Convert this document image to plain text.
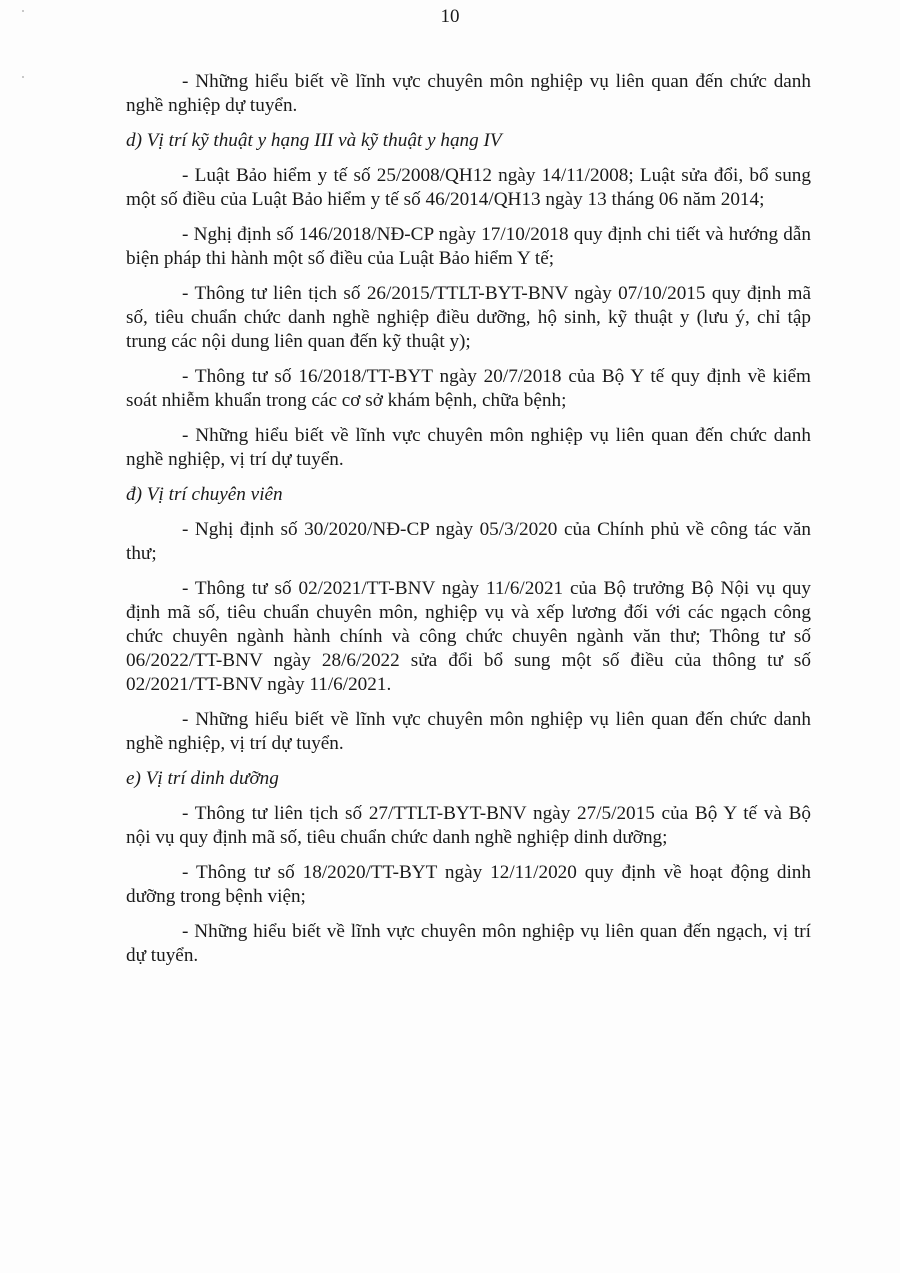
10

- Những hiểu biết về lĩnh vực chuyên môn nghiệp vụ liên quan đến chức danh nghề nghiệp dự tuyển.

d) Vị trí kỹ thuật y hạng III và kỹ thuật y hạng IV

- Luật Bảo hiểm y tế số 25/2008/QH12 ngày 14/11/2008; Luật sửa đổi, bổ sung một số điều của Luật Bảo hiểm y tế số 46/2014/QH13 ngày 13 tháng 06 năm 2014;

- Nghị định số 146/2018/NĐ-CP ngày 17/10/2018 quy định chi tiết và hướng dẫn biện pháp thi hành một số điều của Luật Bảo hiểm Y tế;

- Thông tư liên tịch số 26/2015/TTLT-BYT-BNV ngày 07/10/2015 quy định mã số, tiêu chuẩn chức danh nghề nghiệp điều dưỡng, hộ sinh, kỹ thuật y (lưu ý, chỉ tập trung các nội dung liên quan đến kỹ thuật y);

- Thông tư số 16/2018/TT-BYT ngày 20/7/2018 của Bộ Y tế quy định về kiểm soát nhiễm khuẩn trong các cơ sở khám bệnh, chữa bệnh;

- Những hiểu biết về lĩnh vực chuyên môn nghiệp vụ liên quan đến chức danh nghề nghiệp, vị trí dự tuyển.

đ) Vị trí chuyên viên

- Nghị định số 30/2020/NĐ-CP ngày 05/3/2020 của Chính phủ về công tác văn thư;

- Thông tư số 02/2021/TT-BNV ngày 11/6/2021 của Bộ trưởng Bộ Nội vụ quy định mã số, tiêu chuẩn chuyên môn, nghiệp vụ và xếp lương đối với các ngạch công chức chuyên ngành hành chính và công chức chuyên ngành văn thư; Thông tư số 06/2022/TT-BNV ngày 28/6/2022 sửa đổi bổ sung một số điều của thông tư số 02/2021/TT-BNV ngày 11/6/2021.

- Những hiểu biết về lĩnh vực chuyên môn nghiệp vụ liên quan đến chức danh nghề nghiệp, vị trí dự tuyển.

e) Vị trí dinh dưỡng

- Thông tư liên tịch số 27/TTLT-BYT-BNV ngày 27/5/2015 của Bộ Y tế và Bộ nội vụ quy định mã số, tiêu chuẩn chức danh nghề nghiệp dinh dưỡng;

- Thông tư số 18/2020/TT-BYT ngày 12/11/2020 quy định về hoạt động dinh dưỡng trong bệnh viện;

- Những hiểu biết về lĩnh vực chuyên môn nghiệp vụ liên quan đến ngạch, vị trí dự tuyển.
